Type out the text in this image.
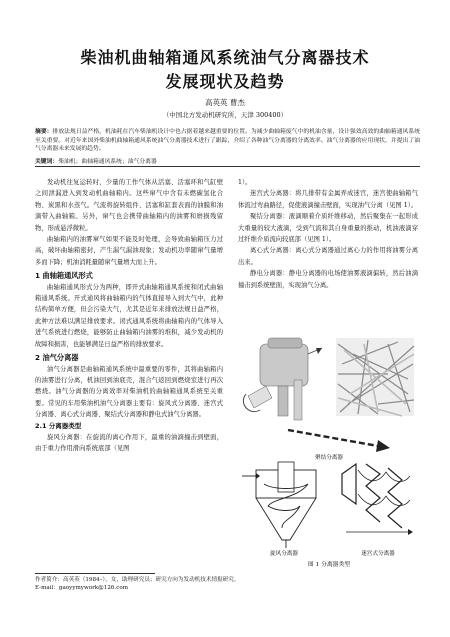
柴油机曲轴箱通风系统油气分离器技术
发展现状及趋势
高英英 曹杰
（中国北方发动机研究所，天津 300400）
摘要：排放法规日益严格，机油耗在汽车柴油机设计中也占据着越来越重要的位置。为减少曲轴箱废气中的机油含量，设计强效高效的曲轴箱通风系统至关重要。对近年来国外柴油机曲轴箱通风系统油气分离器技术进行了跟踪，介绍了各种油气分离器的分离效率、油气分离器的应用现状，并提出了油气分离器未来发展的趋势。
关键词：柴油机；曲轴箱通风系统；油气分离器

发动机往复运转时，少量的工作气体从活塞、活塞环和气缸壁之间泄漏进入到发动机曲轴箱内。这些窜气中含有未燃碳氢化合物、炭黑和水蒸气。气流将旋转组件、活塞和缸套表面的油膜和油滴带入曲轴箱。另外，窜气也会携带曲轴箱内的油雾和磨损残留物，形成悬浮微粒。

曲轴箱内的油雾窜气如果不能及时处理，会导致曲轴箱压力过高，破坏曲轴箱密封，产生漏气漏油现象；发动机功率随窜气量增多而下降；机油消耗量随窜气量增大而上升。

1 曲轴箱通风形式

曲轴箱通风形式分为两种，即开式曲轴箱通风系统和闭式曲轴箱通风系统。开式通风将曲轴箱内的气体直接导入到大气中，此种结构简单方便，但会污染大气，尤其是近年来排放法规日益严格，此种方法难以满足排放要求。闭式通风系统将曲轴箱内的气体导入进气系统进行燃烧，能够防止曲轴箱内油雾的堆积，减少发动机的故障和损害，也能够满足日益严格的排放要求。

2 油气分离器

油气分离器是曲轴箱通风系统中最重要的零件，其将曲轴箱内的油雾进行分离，机油回到油底壳，混合气返回到燃烧室进行再次燃烧。油气分离器的分离效率对柴油机的曲轴箱通风系统至关重要。常见的车用柴油机油气分离器主要有：旋风式分离器、迷宫式分离器、离心式分离器、聚结式分离器和静电式油气分离器。

2.1 分离器类型

旋风分离器：在旋流的离心作用下，最重的油滴撞击到壁面，由于重力作用滑向系统底部（见图

1）。

迷宫式分离器：将几排带有金属弄成迷宫，迷宫使曲轴箱气体流过弯曲路径，促使液滴撞击壁面，实现油气分离（见图 1）。

聚结分离器：液滴顺着介质纤维移动，然后聚集在一起形成大重量的较大液滴，受到气流和其自身重量的推动，机油液滴穿过纤维介质流向较底部（见图 1）。

离心式分离器：离心式分离器通过离心力的作用将油雾分离出来。

静电分离器：静电分离器的电场使油雾液滴偏转，然后油滴撞击到系统壁面，实现油气分离。

聚结分离器
旋风分离器	迷宫式分离器
图 1 分离器类型
作者简介：高英英（1984–），女，助理研究员；研究方向为发动机技术情报研究。
E-mail：gaoyymywork@126.com
